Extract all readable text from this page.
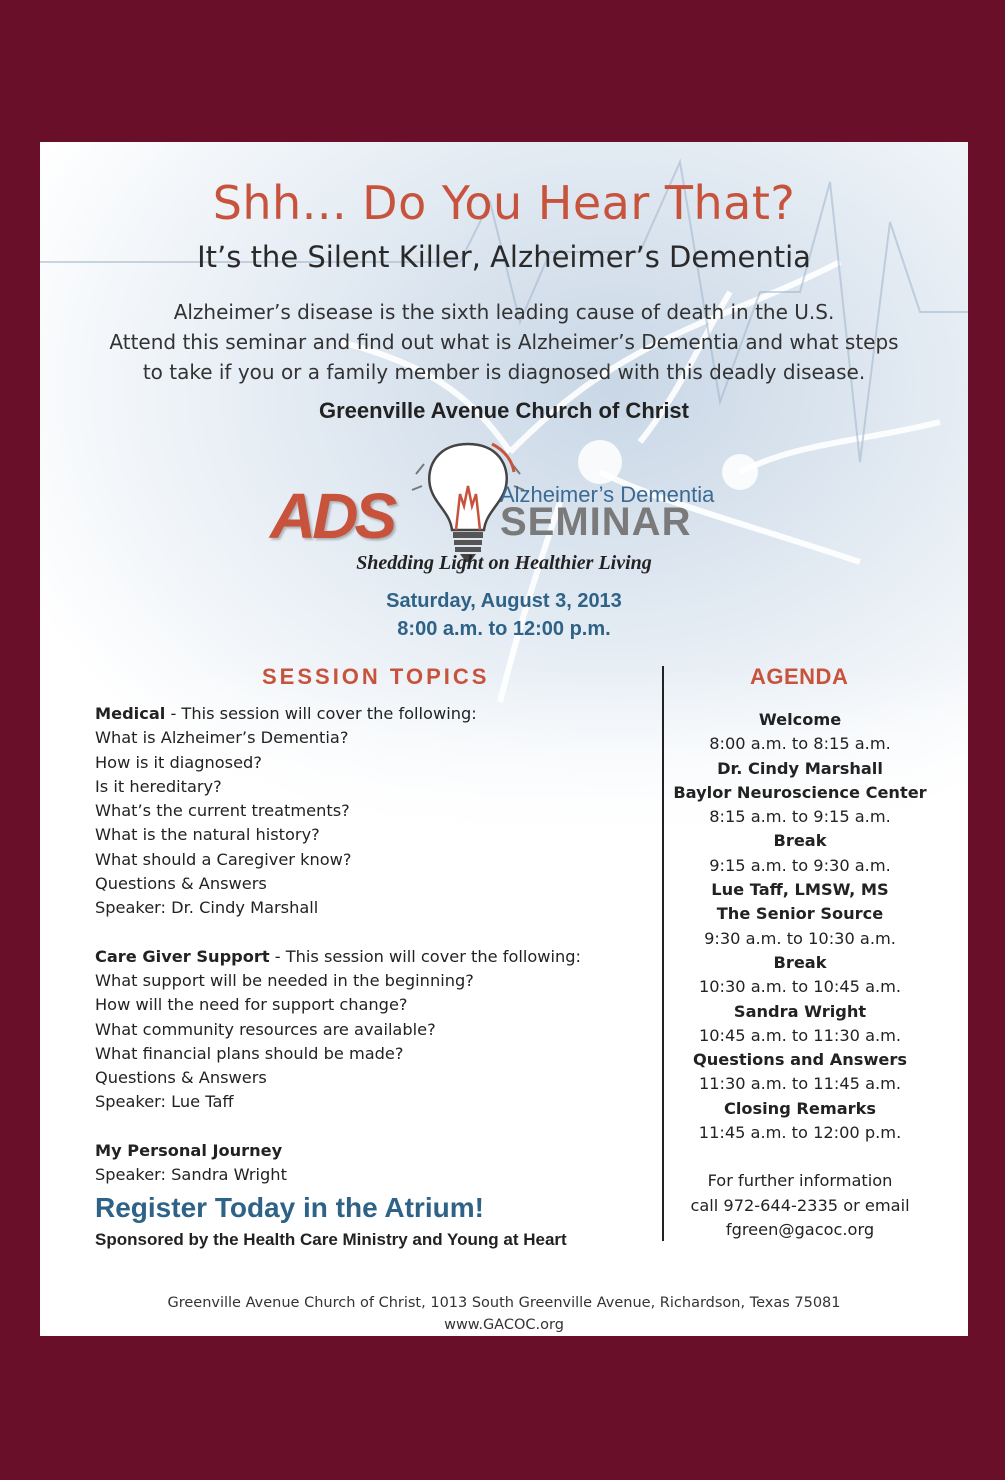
Shh... Do You Hear That?
It’s the Silent Killer, Alzheimer’s Dementia
Alzheimer’s disease is the sixth leading cause of death in the U.S.
Attend this seminar and find out what is Alzheimer’s Dementia and what steps
to take if you or a family member is diagnosed with this deadly disease.
Greenville Avenue Church of Christ
ADS	Alzheimer’s Dementia
SEMINAR
Shedding Light on Healthier Living
Saturday, August 3, 2013
8:00 a.m. to 12:00 p.m.
SESSION TOPICS	AGENDA
Medical - This session will cover the following:
What is Alzheimer’s Dementia?
How is it diagnosed?
Is it hereditary?
What’s the current treatments?
What is the natural history?
What should a Caregiver know?
Questions & Answers
Speaker: Dr. Cindy Marshall
Care Giver Support - This session will cover the following:
What support will be needed in the beginning?
How will the need for support change?
What community resources are available?
What financial plans should be made?
Questions & Answers
Speaker: Lue Taff
My Personal Journey
Speaker: Sandra Wright
Welcome
8:00 a.m. to 8:15 a.m.
Dr. Cindy Marshall
Baylor Neuroscience Center
8:15 a.m. to 9:15 a.m.
Break
9:15 a.m. to 9:30 a.m.
Lue Taff, LMSW, MS
The Senior Source
9:30 a.m. to 10:30 a.m.
Break
10:30 a.m. to 10:45 a.m.
Sandra Wright
10:45 a.m. to 11:30 a.m.
Questions and Answers
11:30 a.m. to 11:45 a.m.
Closing Remarks
11:45 a.m. to 12:00 p.m.
For further information
call 972-644-2335 or email
fgreen@gacoc.org
Register Today in the Atrium!
Sponsored by the Health Care Ministry and Young at Heart
Greenville Avenue Church of Christ, 1013 South Greenville Avenue, Richardson, Texas 75081
www.GACOC.org
